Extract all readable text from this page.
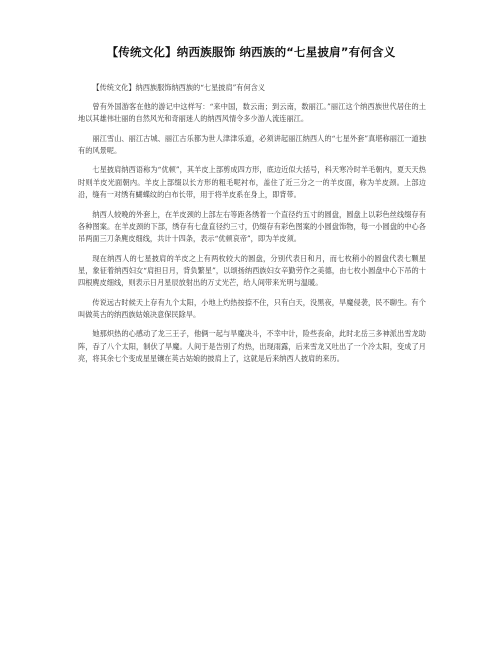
【传统文化】纳西族服饰 纳西族的“七星披肩”有何含义

【传统文化】纳西族服饰纳西族的“七星披肩”有何含义

曾有外国游客在他的游记中这样写：“来中国，数云南；到云南，数丽江。”丽江这个纳西族世代居住的土地以其雄伟壮丽的自然风光和奇丽迷人的纳西风情令多少游人流连丽江。

丽江雪山、丽江古城、丽江古乐都为世人津津乐道，必须讲起丽江纳西人的“七星外套”真堪称丽江一道独有的风景呢。

七星披肩纳西语称为“优顿”，其羊皮上部剪成四方形，底边近似大括号，科天寒冷时羊毛朝内，夏天天热时则羊皮光面朝内。羊皮上部缀以长方形的粗毛呢衬布，盖住了近三分之一的羊皮面，称为羊皮颈。上部边沿，缝有一对绣有蝴蝶纹的白布长带，用于将羊皮系在身上，即背带。

纳西人较晚的外套上，在羊皮颈的上部左右等距各绣着一个直径约五寸的圆盘，圆盘上以彩色丝线缀存有各种图案。在羊皮颈的下部，绣存有七盘直径约三寸，仍缀存有彩色图案的小圆盘饰物，每一小圆盘的中心各吊两面三刀条麂皮细线，共计十四条，表示“优顿哀帝”，即为羊皮须。

现在纳西人的七星披肩的羊皮之上有两枚较大的圆盘，分别代表日和月，而七枚稍小的圆盘代表七颗星星，象征着纳西妇女“肩担日月，背负繁星”，以颂扬纳西族妇女辛勤劳作之美德，由七枚小圆盘中心下吊的十四根麂皮细线，则表示日月星辰放射出的万丈光芒，给人间带来光明与温暖。

传说远古时候天上存有九个太阳，小地上灼热按捺不住，只有白天，没黑夜，旱魔侵袭，民不聊生。有个叫做英古的纳西族姑娘决意保民除旱。

她那炽热的心感动了龙三王子，他俩一起与旱魔决斗，不幸中计，险些丧命，此时北岳三多神派出雪龙助阵，吞了八个太阳，制伏了旱魔。人间于是告别了灼热，出现雨露，后来雪龙又吐出了一个冷太阳，变成了月亮，将其余七个变成星星镶在英古姑娘的披肩上了，这就是后来纳西人披肩的来历。
